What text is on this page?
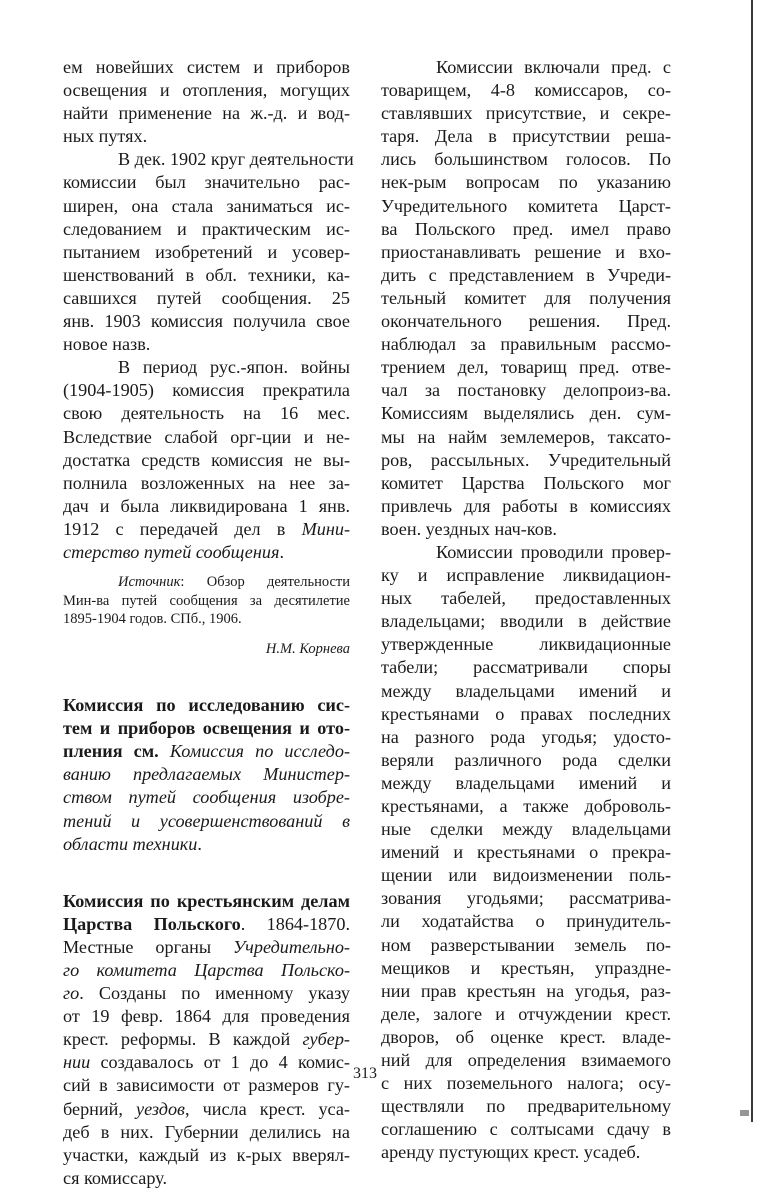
ем новейших систем и приборов
освещения и отопления, могущих
найти применение на ж.-д. и вод-
ных путях.
В дек. 1902 круг деятельности
комиссии был значительно рас-
ширен, она стала заниматься ис-
следованием и практическим ис-
пытанием изобретений и усовер-
шенствований в обл. техники, ка-
савшихся путей сообщения. 25
янв. 1903 комиссия получила свое
новое назв.
В период рус.-япон. войны
(1904-1905) комиссия прекратила
свою деятельность на 16 мес.
Вследствие слабой орг-ции и не-
достатка средств комиссия не вы-
полнила возложенных на нее за-
дач и была ликвидирована 1 янв.
1912 с передачей дел в Мини-
стерство путей сообщения.
Источник: Обзор деятельности
Мин-ва путей сообщения за десятилетие
1895-1904 годов. СПб., 1906.
Н.М. Корнева
Комиссия по исследованию сис-
тем и приборов освещения и ото-
пления см. Комиссия по исследо-
ванию предлагаемых Министер-
ством путей сообщения изобре-
тений и усовершенствований в
области техники.
Комиссия по крестьянским делам
Царства Польского. 1864-1870.
Местные органы Учредительно-
го комитета Царства Польско-
го. Созданы по именному указу
от 19 февр. 1864 для проведения
крест. реформы. В каждой губер-
нии создавалось от 1 до 4 комис-
сий в зависимости от размеров гу-
берний, уездов, числа крест. уса-
деб в них. Губернии делились на
участки, каждый из к-рых вверял-
ся комиссару.
Комиссии включали пред. с
товарищем, 4-8 комиссаров, со-
ставлявших присутствие, и секре-
таря. Дела в присутствии реша-
лись большинством голосов. По
нек-рым вопросам по указанию
Учредительного комитета Царст-
ва Польского пред. имел право
приостанавливать решение и вхо-
дить с представлением в Учреди-
тельный комитет для получения
окончательного решения. Пред.
наблюдал за правильным рассмо-
трением дел, товарищ пред. отве-
чал за постановку делопроиз-ва.
Комиссиям выделялись ден. сум-
мы на найм землемеров, таксато-
ров, рассыльных. Учредительный
комитет Царства Польского мог
привлечь для работы в комиссиях
воен. уездных нач-ков.
Комиссии проводили провер-
ку и исправление ликвидацион-
ных табелей, предоставленных
владельцами; вводили в действие
утвержденные ликвидационные
табели; рассматривали споры
между владельцами имений и
крестьянами о правах последних
на разного рода угодья; удосто-
веряли различного рода сделки
между владельцами имений и
крестьянами, а также доброволь-
ные сделки между владельцами
имений и крестьянами о прекра-
щении или видоизменении поль-
зования угодьями; рассматрива-
ли ходатайства о принудитель-
ном разверстывании земель по-
мещиков и крестьян, упраздне-
нии прав крестьян на угодья, раз-
деле, залоге и отчуждении крест.
дворов, об оценке крест. владе-
ний для определения взимаемого
с них поземельного налога; осу-
ществляли по предварительному
соглашению с солтысами сдачу в
аренду пустующих крест. усадеб.
313
